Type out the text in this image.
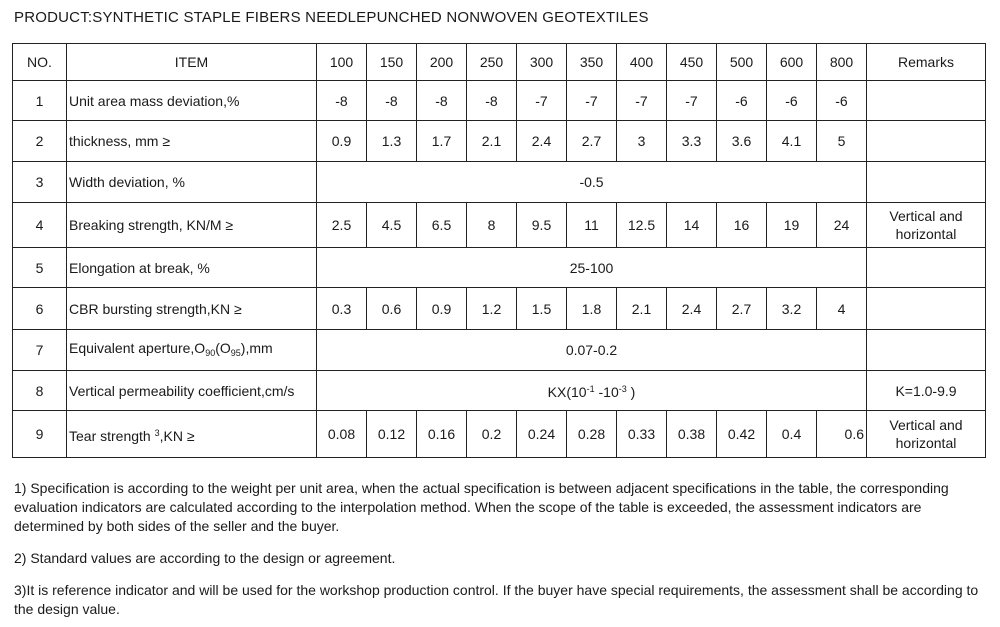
PRODUCT:SYNTHETIC STAPLE FIBERS NEEDLEPUNCHED NONWOVEN GEOTEXTILES
NO.	ITEM	100	150	200	250	300	350	400	450	500	600	800	Remarks
1	Unit area mass deviation,%	-8	-8	-8	-8	-7	-7	-7	-7	-6	-6	-6	
2	thickness, mm ≥	0.9	1.3	1.7	2.1	2.4	2.7	3	3.3	3.6	4.1	5	
3	Width deviation, %	-0.5											
4	Breaking strength, KN/M ≥	2.5	4.5	6.5	8	9.5	11	12.5	14	16	19	24	Vertical and
horizontal
5	Elongation at break, %	25-100											
6	CBR bursting strength,KN ≥	0.3	0.6	0.9	1.2	1.5	1.8	2.1	2.4	2.7	3.2	4	
7	Equivalent $aperture,O_{90}(O_{95}),mm$	0.07-0.2											
8	Vertical permeability coefficient,cm/s	$KX(10^{-1}$ $-10^{-3}$ )											K=1.0-9.9
9	Tear strength $^3$,KN ≥	0.08	0.12	0.16	0.2	0.24	0.28	0.33	0.38	0.42	0.4	0.6	Vertical and
horizontal

1) Specification is according to the weight per unit area, when the actual specification is between adjacent specifications in the table, the corresponding evaluation indicators are calculated according to the interpolation method. When the scope of the table is exceeded, the assessment indicators are determined by both sides of the seller and the buyer.

2) Standard values are according to the design or agreement.

3)It is reference indicator and will be used for the workshop production control. If the buyer have special requirements, the assessment shall be according to the design value.
